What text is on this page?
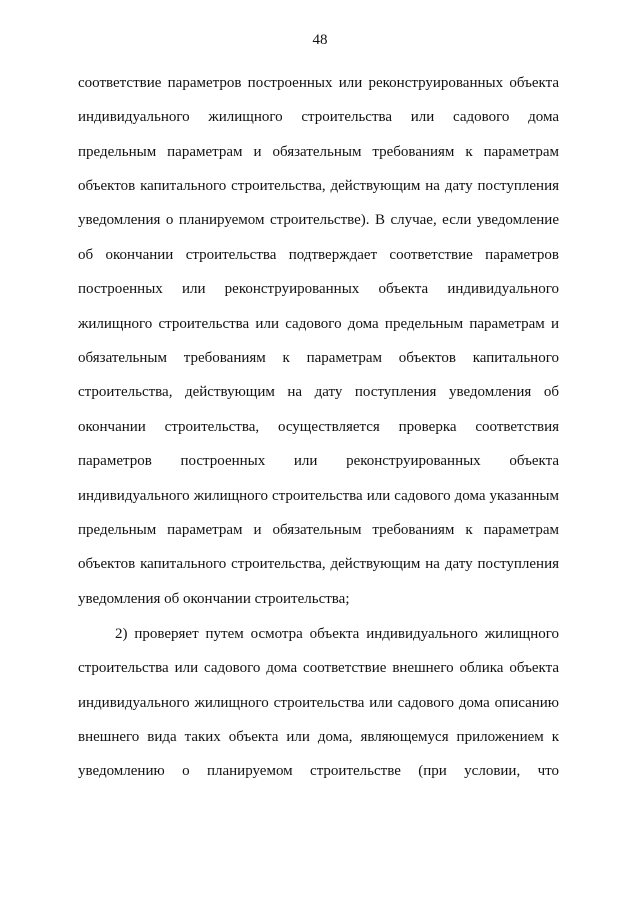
48
соответствие параметров построенных или реконструированных объекта
индивидуального жилищного строительства или садового дома
предельным параметрам и обязательным требованиям к параметрам
объектов капитального строительства, действующим на дату поступления
уведомления о планируемом строительстве). В случае, если уведомление
об окончании строительства подтверждает соответствие параметров
построенных или реконструированных объекта индивидуального
жилищного строительства или садового дома предельным параметрам и
обязательным требованиям к параметрам объектов капитального
строительства, действующим на дату поступления уведомления об
окончании строительства, осуществляется проверка соответствия
параметров построенных или реконструированных объекта
индивидуального жилищного строительства или садового дома указанным
предельным параметрам и обязательным требованиям к параметрам
объектов капитального строительства, действующим на дату поступления
уведомления об окончании строительства;
2) проверяет путем осмотра объекта индивидуального жилищного
строительства или садового дома соответствие внешнего облика объекта
индивидуального жилищного строительства или садового дома описанию
внешнего вида таких объекта или дома, являющемуся приложением к
уведомлению о планируемом строительстве (при условии, что
